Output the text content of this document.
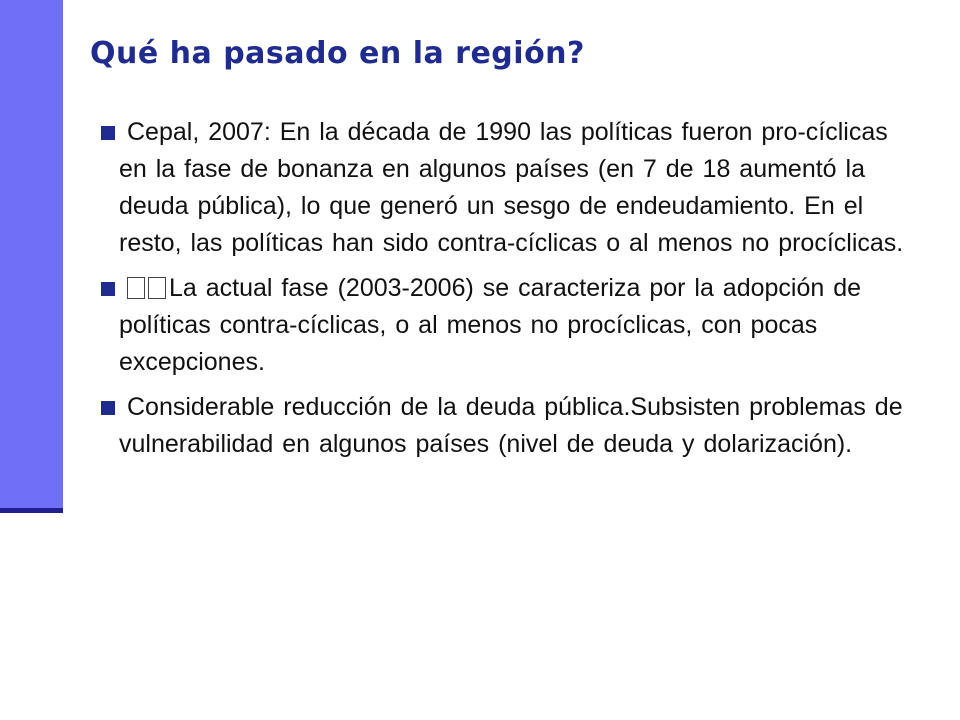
Qué ha pasado en la región?
Cepal, 2007: En la década de 1990 las políticas fueron pro-cíclicas en la fase de bonanza en algunos países (en 7 de 18 aumentó la deuda pública), lo que generó un sesgo de endeudamiento. En el resto, las políticas han sido contra-cíclicas o al menos no procíclicas.
La actual fase (2003-2006) se caracteriza por la adopción de políticas contra-cíclicas, o al menos no procíclicas, con pocas excepciones.
Considerable reducción de la deuda pública.Subsisten problemas de vulnerabilidad en algunos países (nivel de deuda y dolarización).
